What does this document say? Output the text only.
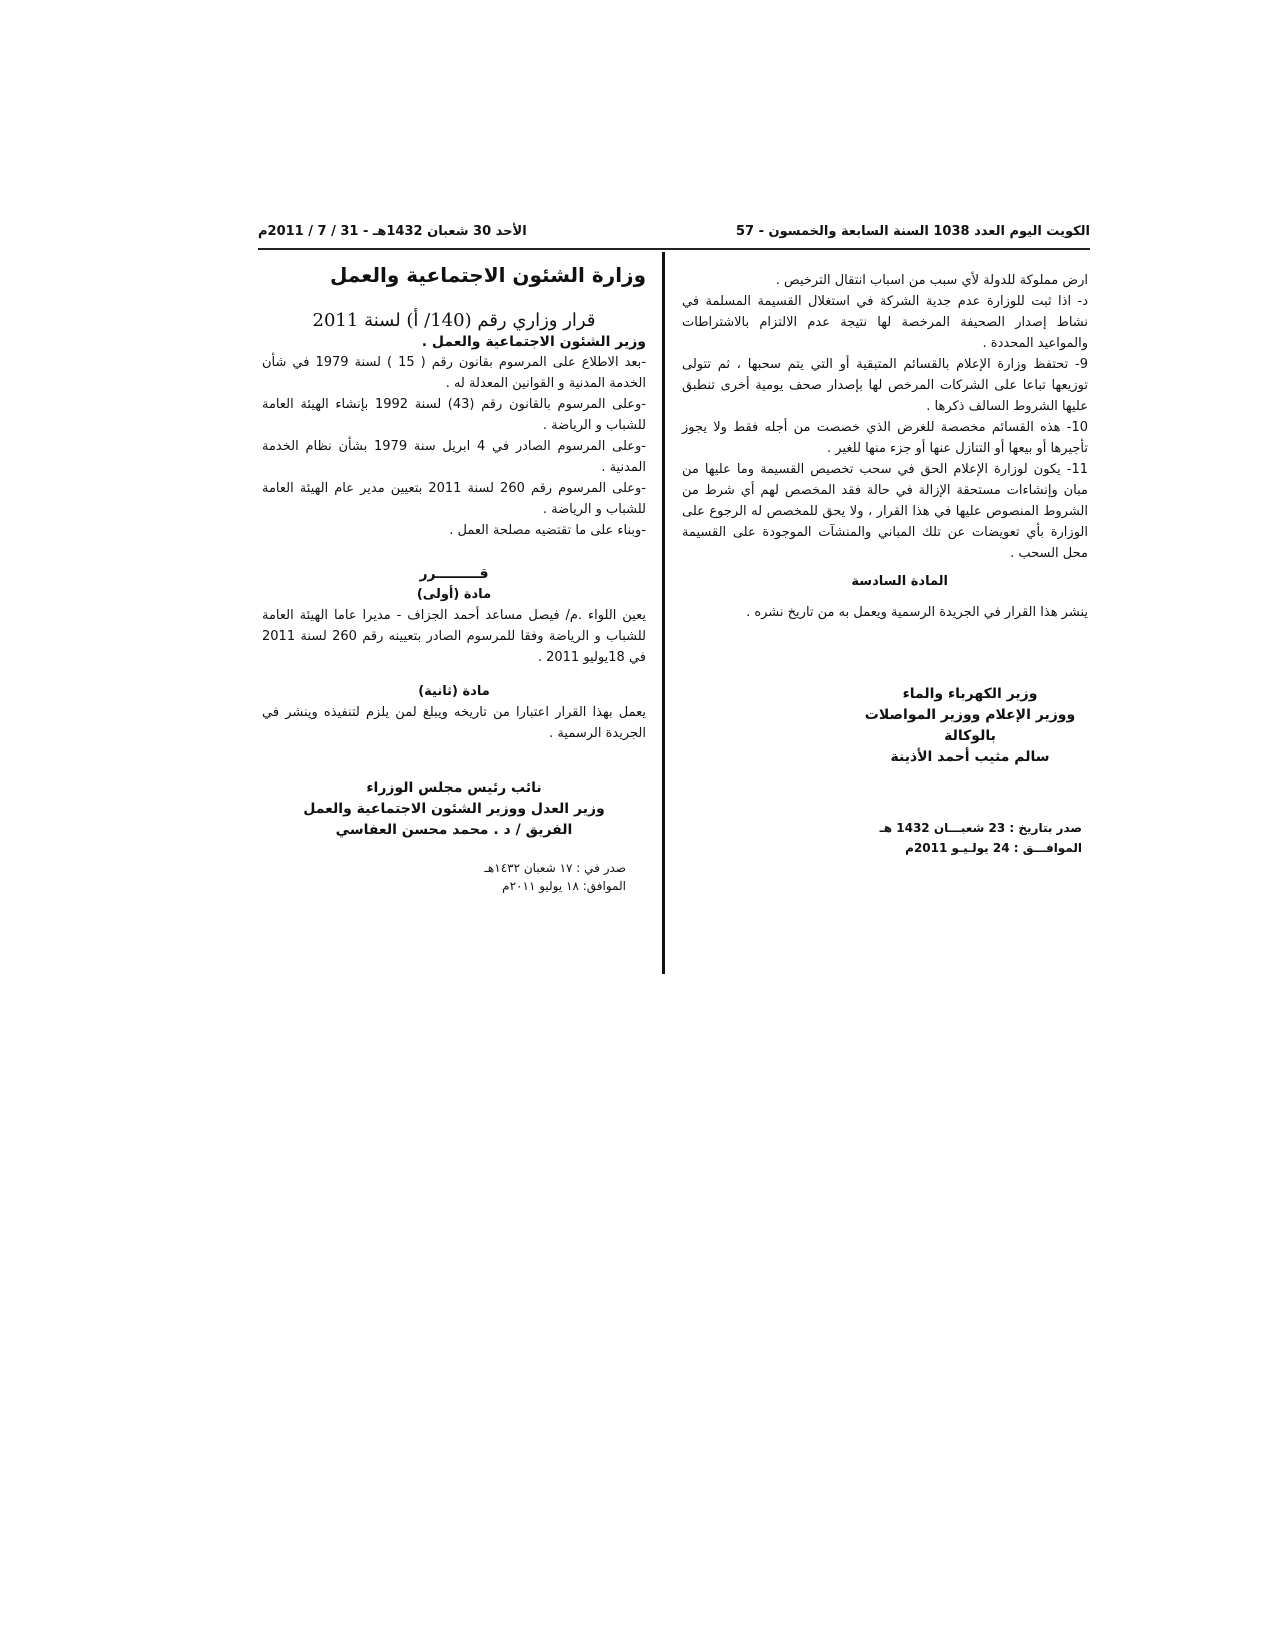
الكويت اليوم العدد 1038 السنة السابعة والخمسون - 57
الأحد 30 شعبان 1432هـ - 31 / 7 / 2011م

وزارة الشئون الاجتماعية والعمل

قرار وزاري رقم (140/ أ) لسنة 2011

وزير الشئون الاجتماعية والعمل .

-بعد الاطلاع على المرسوم بقانون رقم ( 15 ) لسنة 1979 في شأن الخدمة المدنية و القوانين المعدلة له .

-وعلى المرسوم بالقانون رقم (43) لسنة 1992 بإنشاء الهيئة العامة للشباب و الرياضة .

-وعلى المرسوم الصادر في 4 ابريل سنة 1979 بشأن نظام الخدمة المدنية .

-وعلى المرسوم رقم 260 لسنة 2011 بتعيين مدير عام الهيئة العامة للشباب و الرياضة .

-وبناء على ما تقتضيه مصلحة العمل .

قـــــــــرر

مادة (أولى)

يعين اللواء .م/ فيصل مساعد أحمد الجزاف - مديرا عاما الهيئة العامة للشباب و الرياضة وفقا للمرسوم الصادر بتعيينه رقم 260 لسنة 2011 في 18يوليو 2011 .

مادة (ثانية)

يعمل بهذا القرار اعتبارا من تاريخه ويبلغ لمن يلزم لتنفيذه وينشر في الجريدة الرسمية .

نائب رئيس مجلس الوزراء

وزير العدل ووزير الشئون الاجتماعية والعمل

الفريق / د . محمد محسن العفاسي

صدر في : ١٧ شعبان ١٤٣٢هـ

الموافق: ١٨ يوليو ٢٠١١م

ارض مملوكة للدولة لأي سبب من اسباب انتقال الترخيص .

د- اذا ثبت للوزارة عدم جدية الشركة في استغلال القسيمة المسلمة في نشاط إصدار الصحيفة المرخصة لها نتيجة عدم الالتزام بالاشتراطات والمواعيد المحددة .

9- تحتفظ وزارة الإعلام بالقسائم المتبقية أو التي يتم سحبها ، ثم تتولى توزيعها تباعا على الشركات المرخص لها بإصدار صحف يومية أخرى تنطبق عليها الشروط السالف ذكرها .

10- هذه القسائم مخصصة للغرض الذي خصصت من أجله فقط ولا يجوز تأجيرها أو بيعها أو التنازل عنها أو جزء منها للغير .

11- يكون لوزارة الإعلام الحق في سحب تخصيص القسيمة وما عليها من مبان وإنشاءات مستحقة الإزالة في حالة فقد المخصص لهم أي شرط من الشروط المنصوص عليها في هذا القرار ، ولا يحق للمخصص له الرجوع على الوزارة بأي تعويضات عن تلك المباني والمنشآت الموجودة على القسيمة محل السحب .

المادة السادسة

ينشر هذا القرار في الجريدة الرسمية ويعمل به من تاريخ نشره .

وزير الكهرباء والماء

ووزير الإعلام ووزير المواصلات بالوكالة

سالم مثيب أحمد الأذينة

صدر بتاريخ : 23 شعبـــان 1432 هـ

الموافـــق : 24 يولـيـو 2011م
